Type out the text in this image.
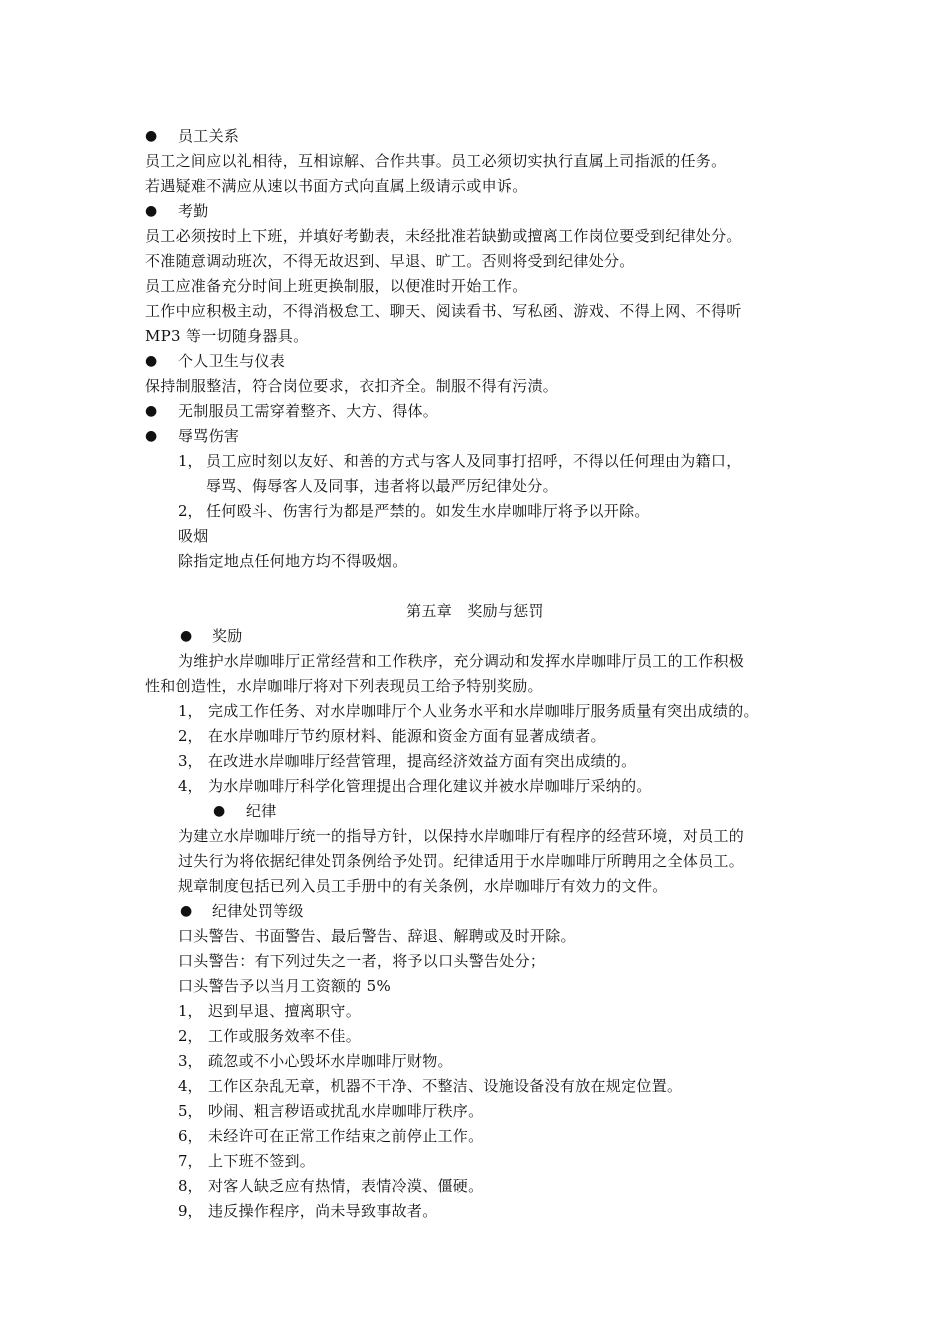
● 员工关系
员工之间应以礼相待，互相谅解、合作共事。员工必须切实执行直属上司指派的任务。
若遇疑难不满应从速以书面方式向直属上级请示或申诉。
● 考勤
员工必须按时上下班，并填好考勤表，未经批准若缺勤或擅离工作岗位要受到纪律处分。
不准随意调动班次，不得无故迟到、早退、旷工。否则将受到纪律处分。
员工应准备充分时间上班更换制服，以便准时开始工作。
工作中应积极主动，不得消极怠工、聊天、阅读看书、写私函、游戏、不得上网、不得听
MP3 等一切随身器具。
● 个人卫生与仪表
保持制服整洁，符合岗位要求，衣扣齐全。制服不得有污渍。
● 无制服员工需穿着整齐、大方、得体。
● 辱骂伤害
1， 员工应时刻以友好、和善的方式与客人及同事打招呼，不得以任何理由为籍口，
辱骂、侮辱客人及同事，违者将以最严厉纪律处分。
2， 任何殴斗、伤害行为都是严禁的。如发生水岸咖啡厅将予以开除。
吸烟
除指定地点任何地方均不得吸烟。
第五章　奖励与惩罚
● 奖励
为维护水岸咖啡厅正常经营和工作秩序，充分调动和发挥水岸咖啡厅员工的工作积极
性和创造性，水岸咖啡厅将对下列表现员工给予特别奖励。
1， 完成工作任务、对水岸咖啡厅个人业务水平和水岸咖啡厅服务质量有突出成绩的。
2， 在水岸咖啡厅节约原材料、能源和资金方面有显著成绩者。
3， 在改进水岸咖啡厅经营管理，提高经济效益方面有突出成绩的。
4， 为水岸咖啡厅科学化管理提出合理化建议并被水岸咖啡厅采纳的。
● 纪律
为建立水岸咖啡厅统一的指导方针，以保持水岸咖啡厅有程序的经营环境，对员工的
过失行为将依据纪律处罚条例给予处罚。纪律适用于水岸咖啡厅所聘用之全体员工。
规章制度包括已列入员工手册中的有关条例，水岸咖啡厅有效力的文件。
● 纪律处罚等级
口头警告、书面警告、最后警告、辞退、解聘或及时开除。
口头警告：有下列过失之一者，将予以口头警告处分；
口头警告予以当月工资额的 5%
1， 迟到早退、擅离职守。
2， 工作或服务效率不佳。
3， 疏忽或不小心毁坏水岸咖啡厅财物。
4， 工作区杂乱无章，机器不干净、不整洁、设施设备没有放在规定位置。
5， 吵闹、粗言秽语或扰乱水岸咖啡厅秩序。
6， 未经许可在正常工作结束之前停止工作。
7， 上下班不签到。
8， 对客人缺乏应有热情，表情冷漠、僵硬。
9， 违反操作程序，尚未导致事故者。
